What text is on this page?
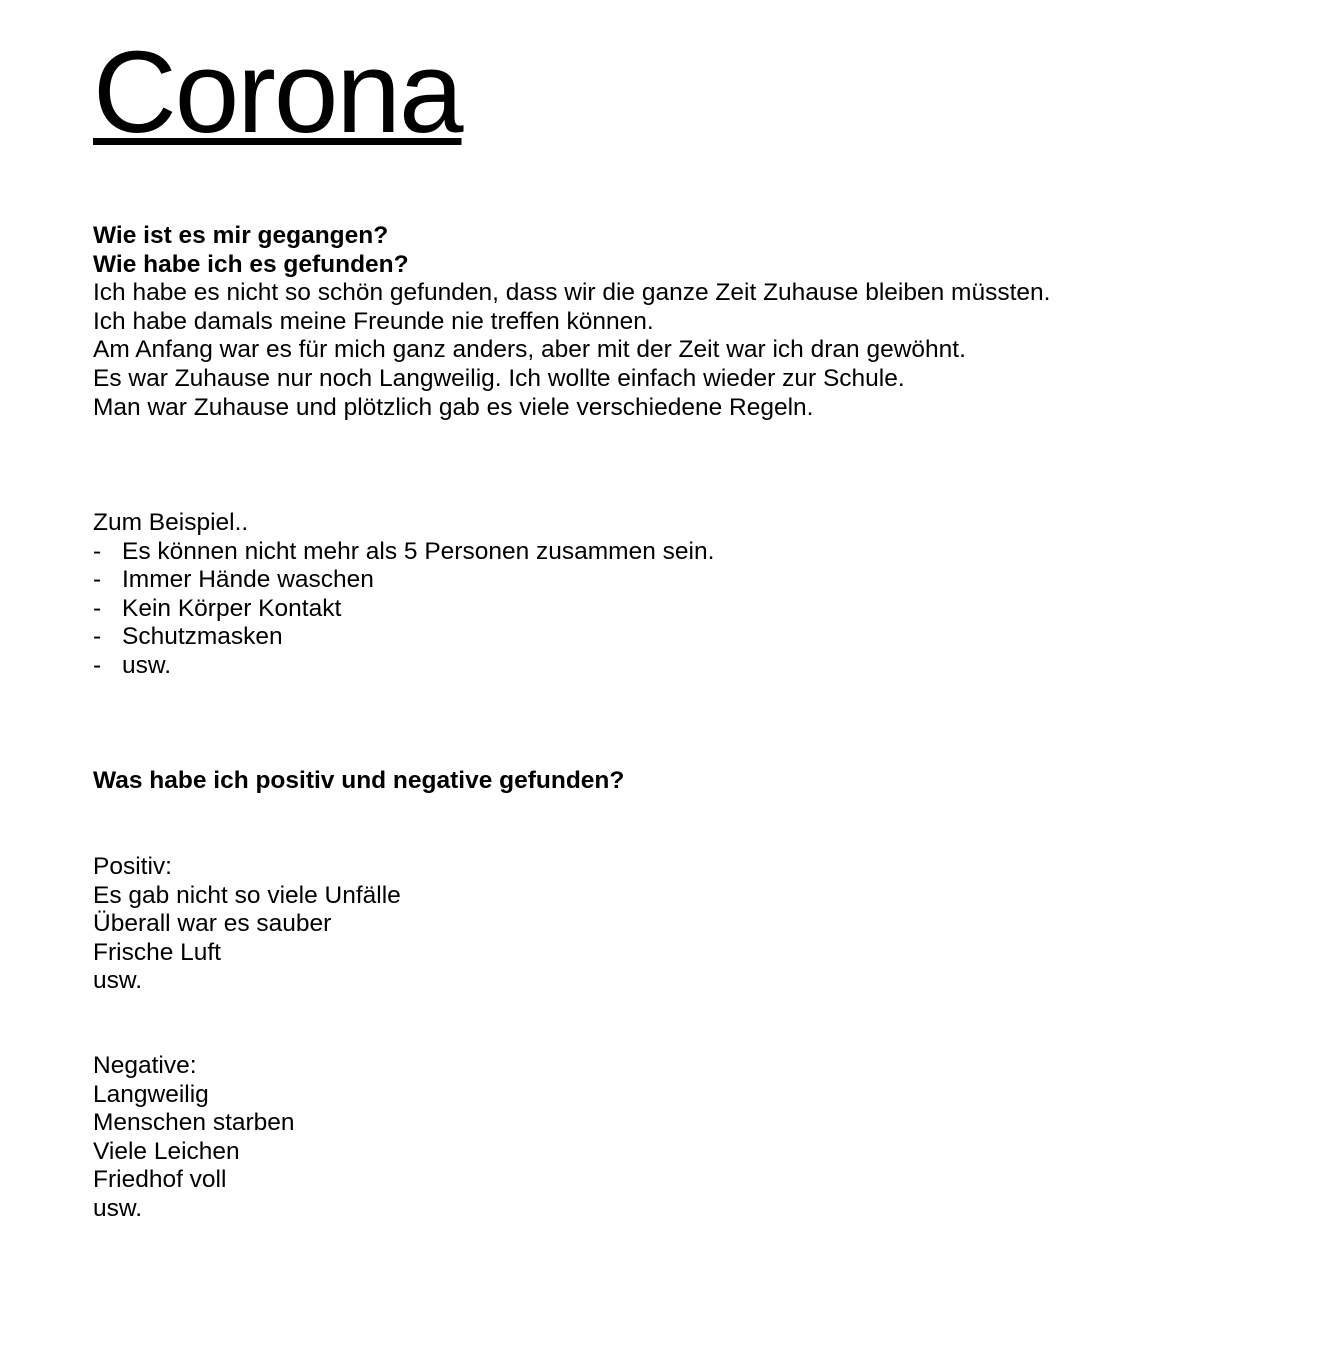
Corona
Wie ist es mir gegangen?
Wie habe ich es gefunden?
Ich habe es nicht so schön gefunden, dass wir die ganze Zeit Zuhause bleiben müssten.
Ich habe damals meine Freunde nie treffen können.
Am Anfang war es für mich ganz anders, aber mit der Zeit war ich dran gewöhnt.
Es war Zuhause nur noch Langweilig. Ich wollte einfach wieder zur Schule.
Man war Zuhause und plötzlich gab es viele verschiedene Regeln.
Zum Beispiel..
- Es können nicht mehr als 5 Personen zusammen sein.
- Immer Hände waschen
- Kein Körper Kontakt
- Schutzmasken
- usw.
Was habe ich positiv und negative gefunden?
Positiv:
Es gab nicht so viele Unfälle
Überall war es sauber
Frische Luft
usw.
Negative:
Langweilig
Menschen starben
Viele Leichen
Friedhof voll
usw.
